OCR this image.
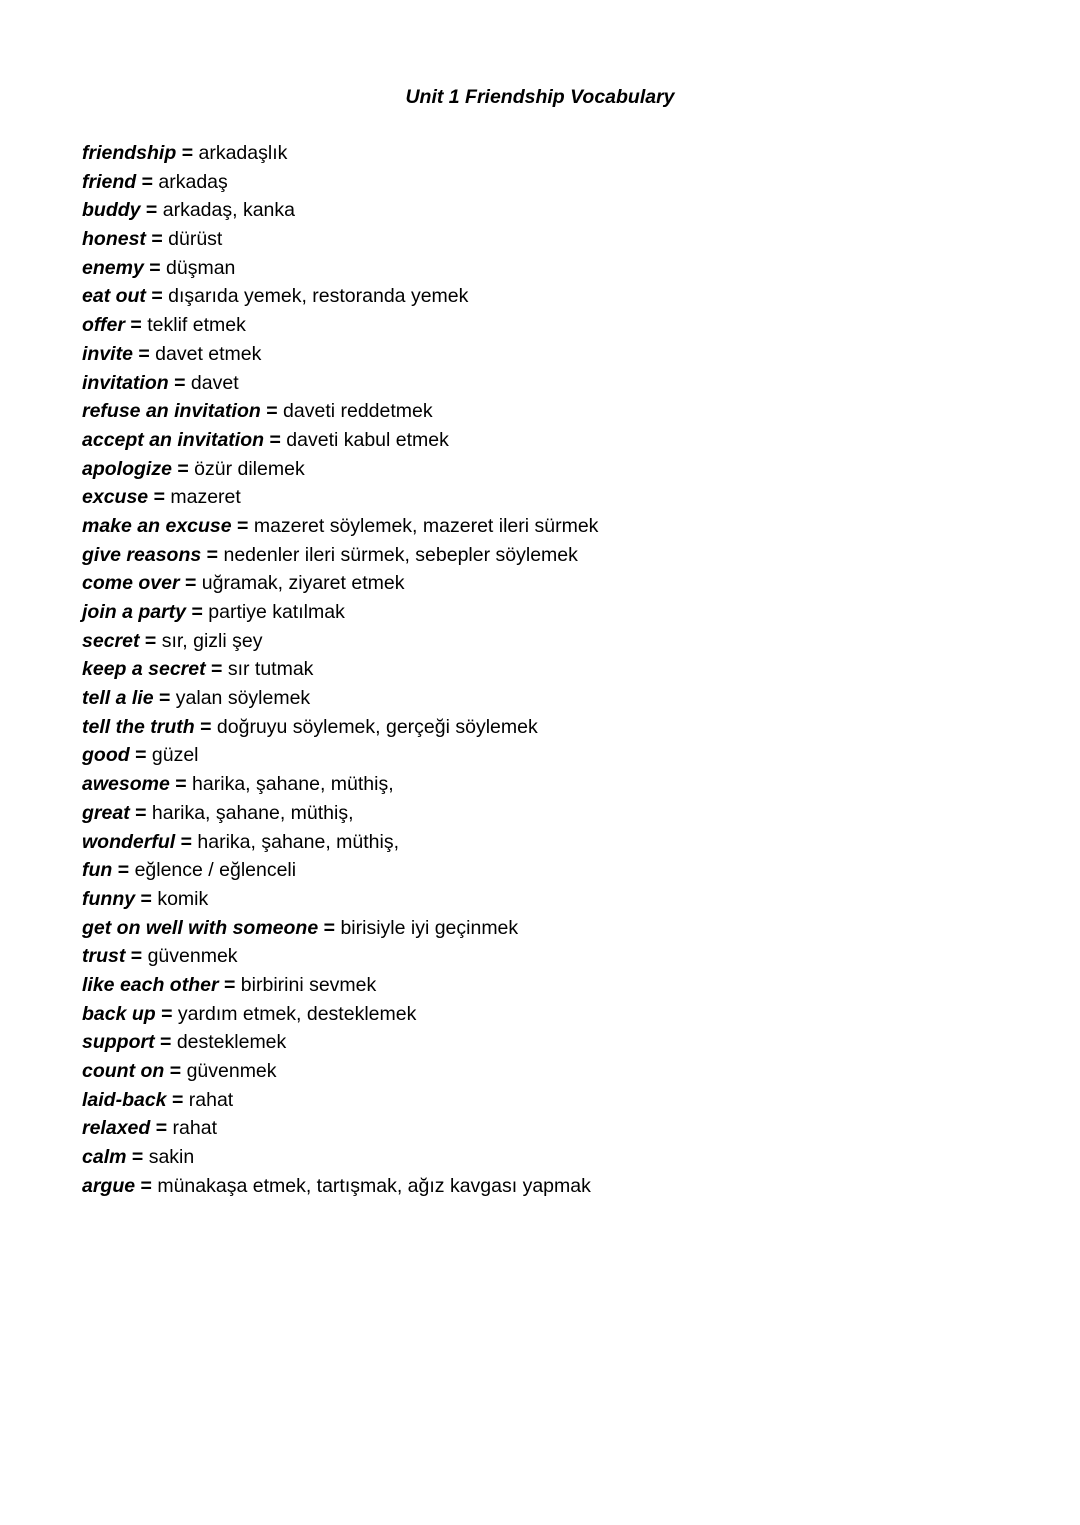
Unit 1 Friendship Vocabulary
friendship = arkadaşlık
friend = arkadaş
buddy = arkadaş, kanka
honest = dürüst
enemy = düşman
eat out = dışarıda yemek, restoranda yemek
offer = teklif etmek
invite = davet etmek
invitation = davet
refuse an invitation = daveti reddetmek
accept an invitation = daveti kabul etmek
apologize = özür dilemek
excuse = mazeret
make an excuse = mazeret söylemek, mazeret ileri sürmek
give reasons = nedenler ileri sürmek, sebepler söylemek
come over = uğramak, ziyaret etmek
join a party = partiye katılmak
secret = sır, gizli şey
keep a secret = sır tutmak
tell a lie = yalan söylemek
tell the truth = doğruyu söylemek, gerçeği söylemek
good = güzel
awesome = harika, şahane, müthiş,
great = harika, şahane, müthiş,
wonderful = harika, şahane, müthiş,
fun = eğlence / eğlenceli
funny = komik
get on well with someone = birisiyle iyi geçinmek
trust = güvenmek
like each other = birbirini sevmek
back up = yardım etmek, desteklemek
support = desteklemek
count on = güvenmek
laid-back = rahat
relaxed = rahat
calm = sakin
argue = münakaşa etmek, tartışmak, ağız kavgası yapmak
